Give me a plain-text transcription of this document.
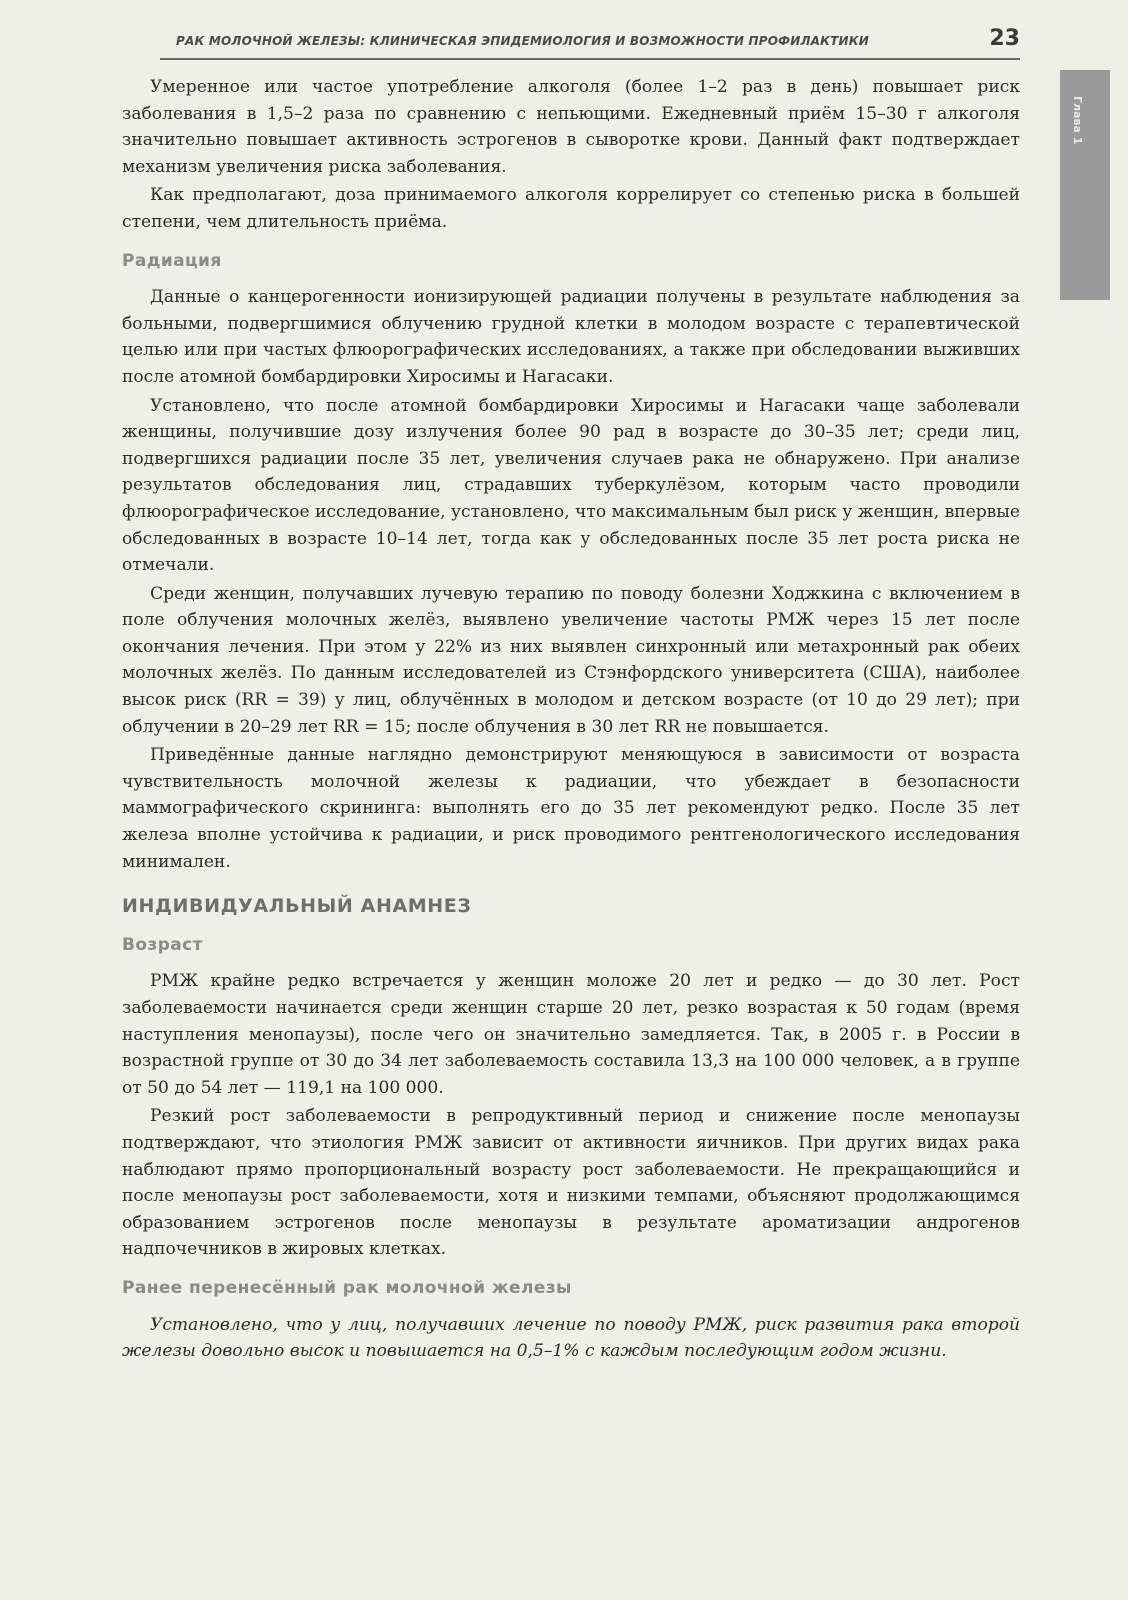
РАК МОЛОЧНОЙ ЖЕЛЕЗЫ: КЛИНИЧЕСКАЯ ЭПИДЕМИОЛОГИЯ И ВОЗМОЖНОСТИ ПРОФИЛАКТИКИ	23
Глава 1

Умеренное или частое употребление алкоголя (более 1–2 раз в день) повышает риск заболевания в 1,5–2 раза по сравнению с непьющими. Ежедневный приём 15–30 г алкоголя значительно повышает активность эстрогенов в сыворотке крови. Данный факт подтверждает механизм увеличения риска заболевания.

Как предполагают, доза принимаемого алкоголя коррелирует со степенью риска в большей степени, чем длительность приёма.

Радиация

Данные о канцерогенности ионизирующей радиации получены в результате наблюдения за больными, подвергшимися облучению грудной клетки в молодом возрасте с терапевтической целью или при частых флюорографических исследованиях, а также при обследовании выживших после атомной бомбардировки Хиросимы и Нагасаки.

Установлено, что после атомной бомбардировки Хиросимы и Нагасаки чаще заболевали женщины, получившие дозу излучения более 90 рад в возрасте до 30–35 лет; среди лиц, подвергшихся радиации после 35 лет, увеличения случаев рака не обнаружено. При анализе результатов обследования лиц, страдавших туберкулёзом, которым часто проводили флюорографическое исследование, установлено, что максимальным был риск у женщин, впервые обследованных в возрасте 10–14 лет, тогда как у обследованных после 35 лет роста риска не отмечали.

Среди женщин, получавших лучевую терапию по поводу болезни Ходжкина с включением в поле облучения молочных желёз, выявлено увеличение частоты РМЖ через 15 лет после окончания лечения. При этом у 22% из них выявлен синхронный или метахронный рак обеих молочных желёз. По данным исследователей из Стэнфордского университета (США), наиболее высок риск (RR = 39) у лиц, облучённых в молодом и детском возрасте (от 10 до 29 лет); при облучении в 20–29 лет RR = 15; после облучения в 30 лет RR не повышается.

Приведённые данные наглядно демонстрируют меняющуюся в зависимости от возраста чувствительность молочной железы к радиации, что убеждает в безопасности маммографического скрининга: выполнять его до 35 лет рекомендуют редко. После 35 лет железа вполне устойчива к радиации, и риск проводимого рентгенологического исследования минимален.

ИНДИВИДУАЛЬНЫЙ АНАМНЕЗ
Возраст

РМЖ крайне редко встречается у женщин моложе 20 лет и редко — до 30 лет. Рост заболеваемости начинается среди женщин старше 20 лет, резко возрастая к 50 годам (время наступления менопаузы), после чего он значительно замедляется. Так, в 2005 г. в России в возрастной группе от 30 до 34 лет заболеваемость составила 13,3 на 100 000 человек, а в группе от 50 до 54 лет — 119,1 на 100 000.

Резкий рост заболеваемости в репродуктивный период и снижение после менопаузы подтверждают, что этиология РМЖ зависит от активности яичников. При других видах рака наблюдают прямо пропорциональный возрасту рост заболеваемости. Не прекращающийся и после менопаузы рост заболеваемости, хотя и низкими темпами, объясняют продолжающимся образованием эстрогенов после менопаузы в результате ароматизации андрогенов надпочечников в жировых клетках.

Ранее перенесённый рак молочной железы

Установлено, что у лиц, получавших лечение по поводу РМЖ, риск развития рака второй железы довольно высок и повышается на 0,5–1% с каждым последующим годом жизни.
